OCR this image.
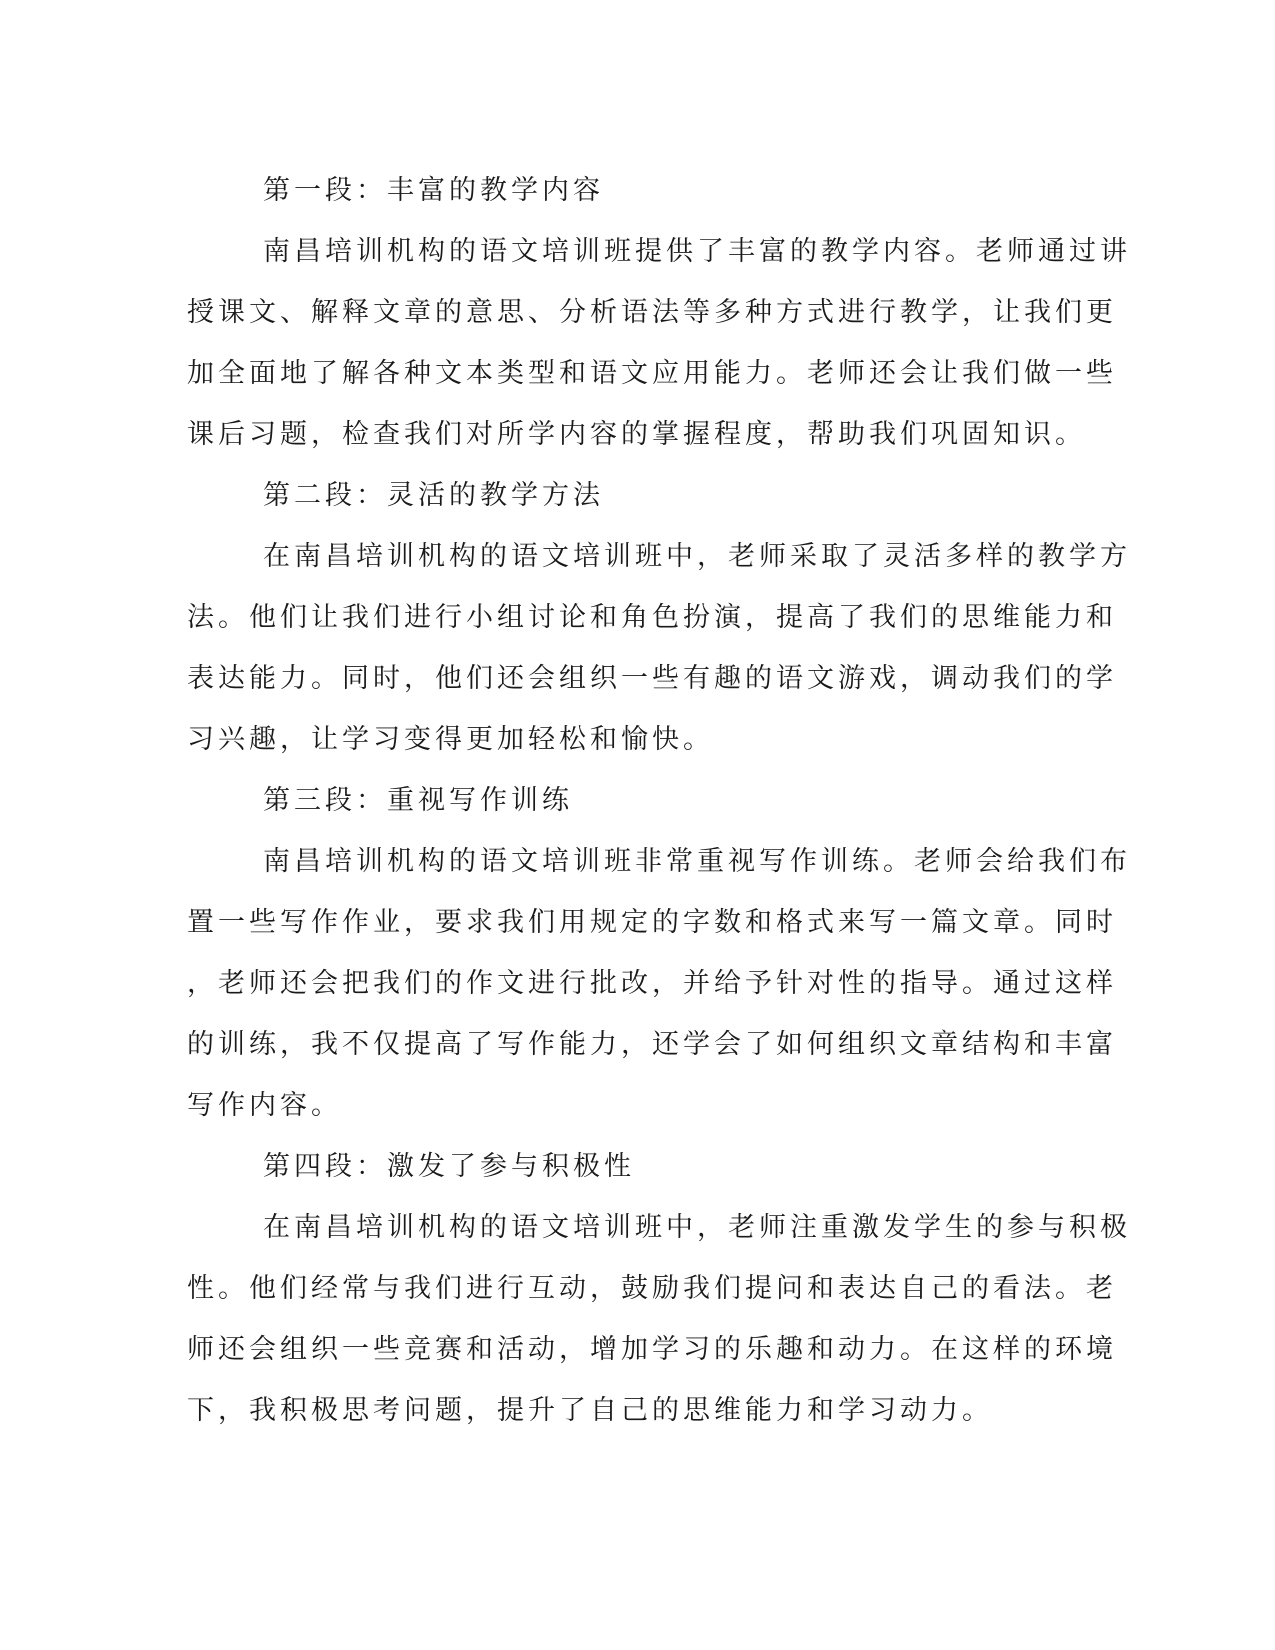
第一段：丰富的教学内容

南昌培训机构的语文培训班提供了丰富的教学内容。老师通过讲

授课文、解释文章的意思、分析语法等多种方式进行教学，让我们更

加全面地了解各种文本类型和语文应用能力。老师还会让我们做一些

课后习题，检查我们对所学内容的掌握程度，帮助我们巩固知识。

第二段：灵活的教学方法

在南昌培训机构的语文培训班中，老师采取了灵活多样的教学方

法。他们让我们进行小组讨论和角色扮演，提高了我们的思维能力和

表达能力。同时，他们还会组织一些有趣的语文游戏，调动我们的学

习兴趣，让学习变得更加轻松和愉快。

第三段：重视写作训练

南昌培训机构的语文培训班非常重视写作训练。老师会给我们布

置一些写作作业，要求我们用规定的字数和格式来写一篇文章。同时

，老师还会把我们的作文进行批改，并给予针对性的指导。通过这样

的训练，我不仅提高了写作能力，还学会了如何组织文章结构和丰富

写作内容。

第四段：激发了参与积极性

在南昌培训机构的语文培训班中，老师注重激发学生的参与积极

性。他们经常与我们进行互动，鼓励我们提问和表达自己的看法。老

师还会组织一些竞赛和活动，增加学习的乐趣和动力。在这样的环境

下，我积极思考问题，提升了自己的思维能力和学习动力。
